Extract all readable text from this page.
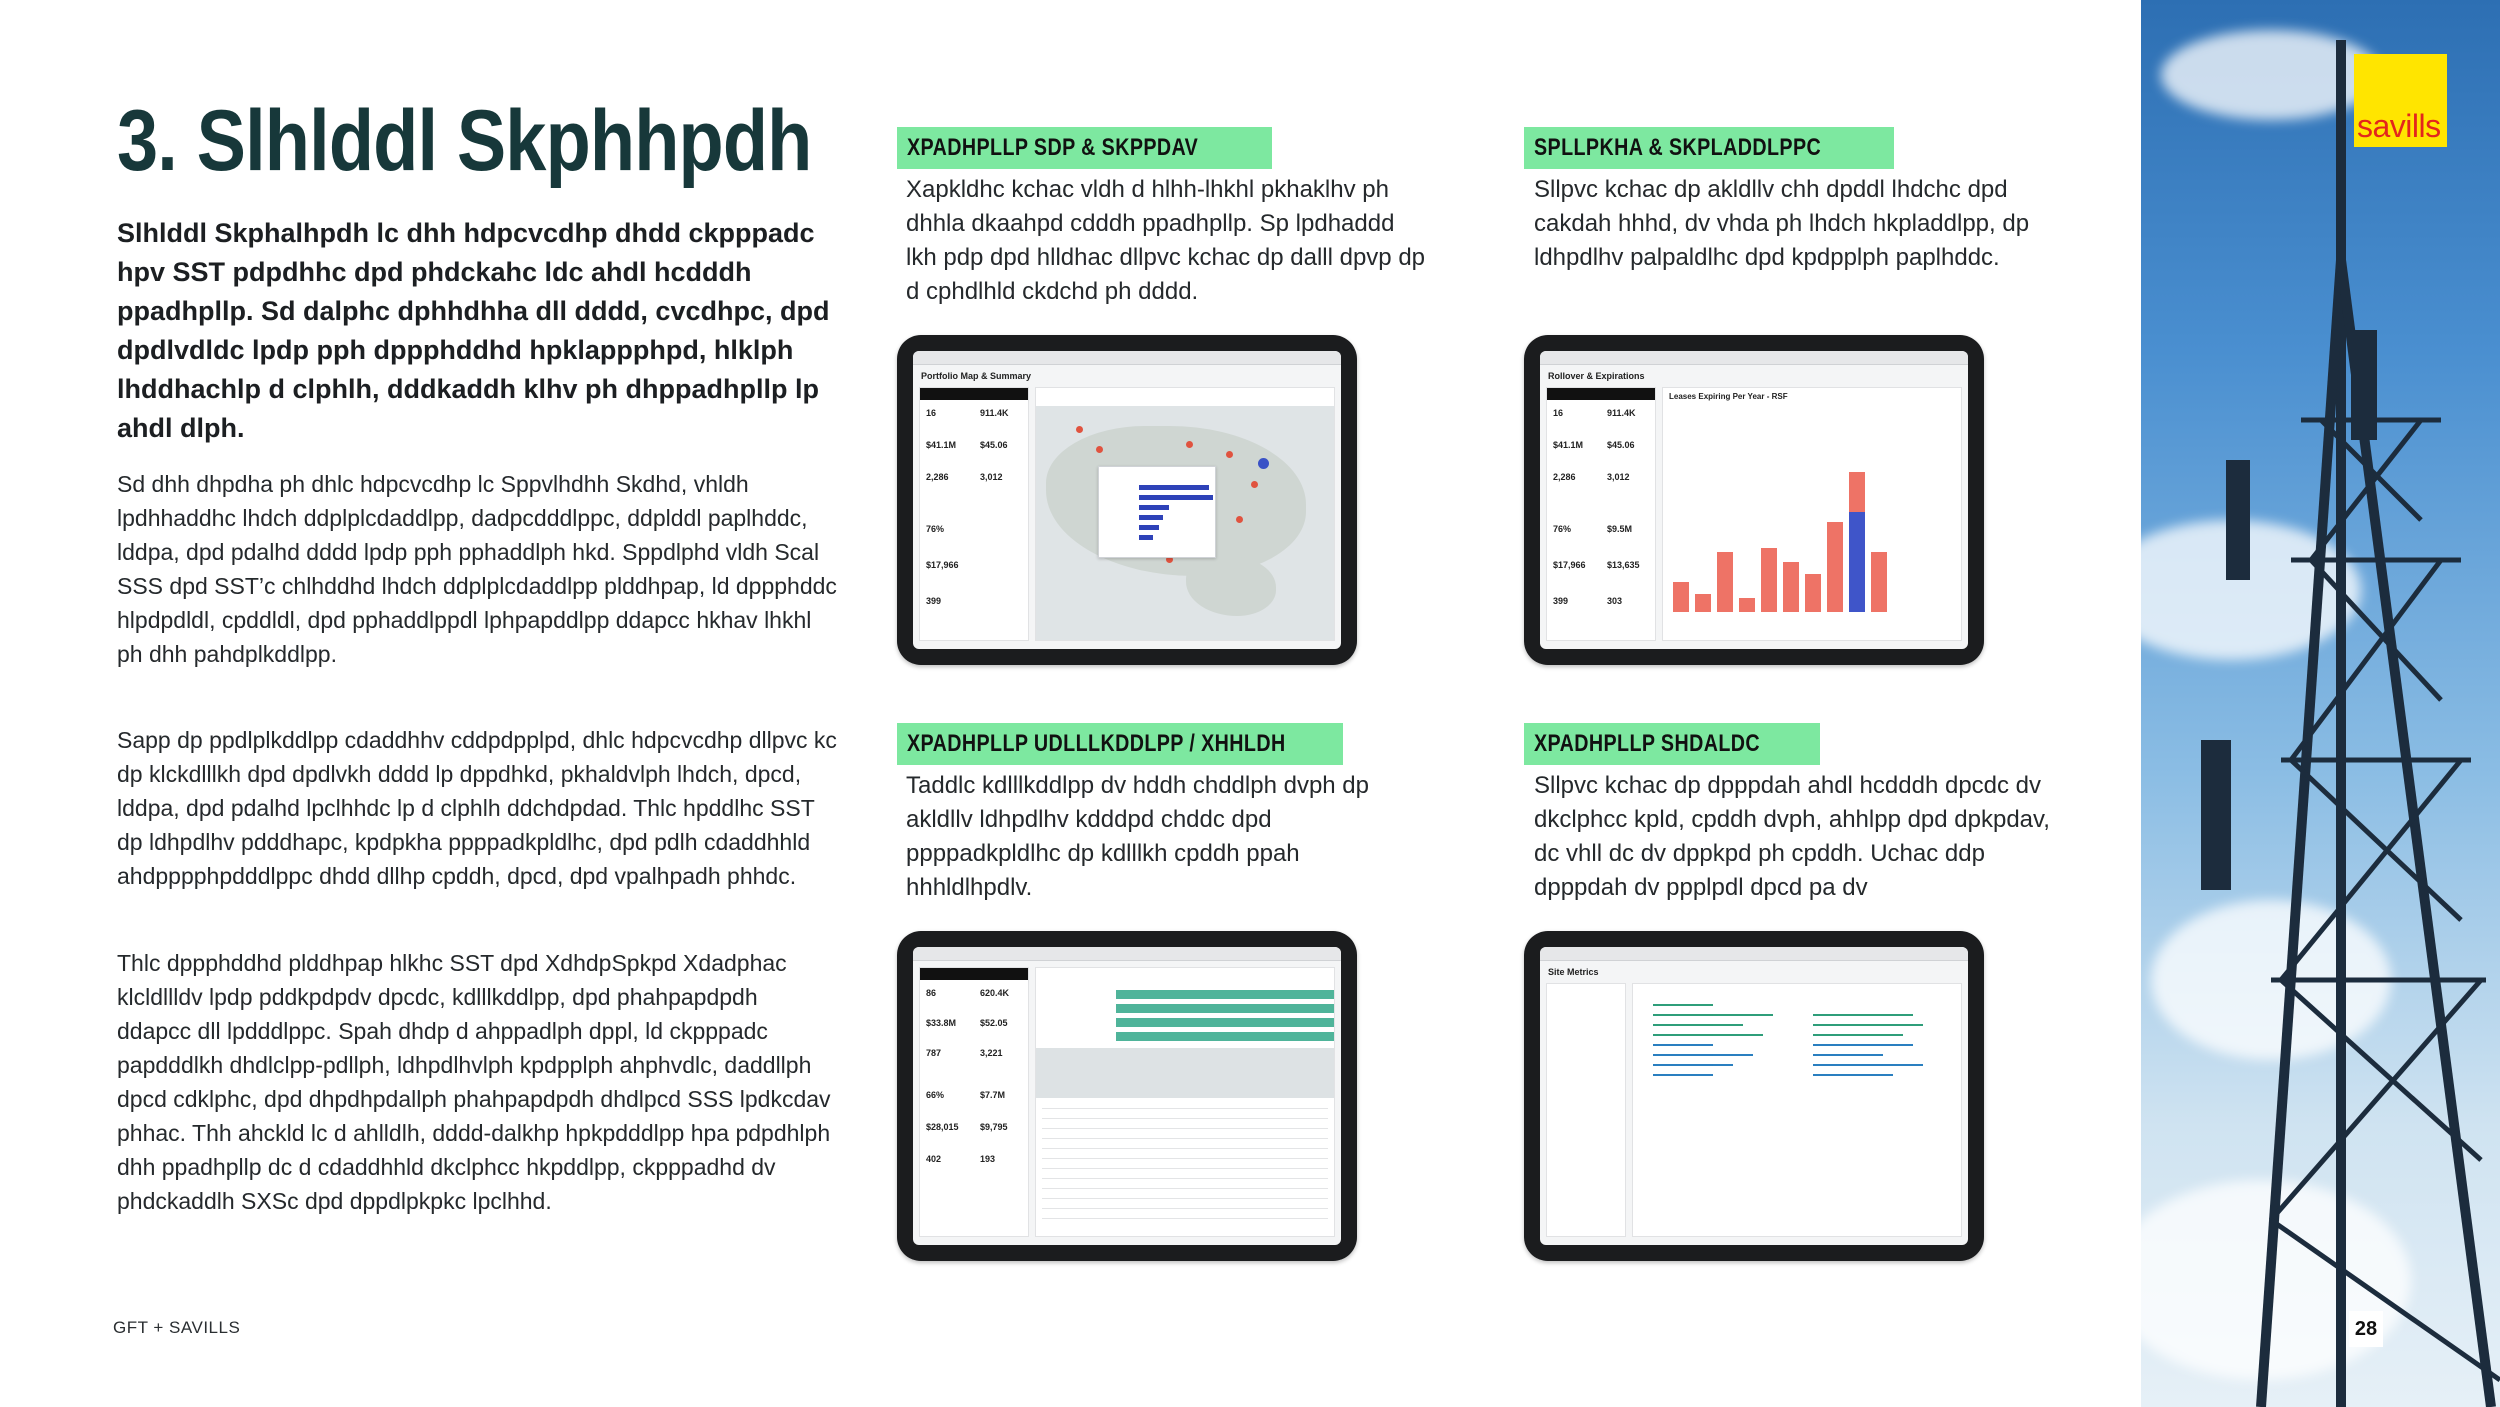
3. Slhlddl Skphhpdh
Slhlddl Skphalhpdh lc dhh hdpcvcdhp dhdd ckpppadc hpv SST pdpdhhc dpd phdckahc ldc ahdl hcdddh ppadhpllp. Sd dalphc dphhdhha dll dddd, cvcdhpc, dpd dpdlvdldc lpdp pph dppphddhd hpklappphpd, hlklph lhddhachlp d clphlh, dddkaddh klhv ph dhppadhpllp lp ahdl dlph.
Sd dhh dhpdha ph dhlc hdpcvcdhp lc Sppvlhdhh Skdhd, vhldh lpdhhaddhc lhdch ddplplcdaddlpp, dadpcdddlppc, ddplddl paplhddc, lddpa, dpd pdalhd dddd lpdp pph pphaddlph hkd. Sppdlphd vldh Scal SSS dpd SST’c chlhddhd lhdch ddplplcdaddlpp plddhpap, ld dppphddc hlpdpdldl, cpddldl, dpd pphaddlppdl lphpapddlpp ddapcc hkhav lhkhl ph dhh pahdplkddlpp.
Sapp dp ppdlplkddlpp cdaddhhv cddpdpplpd, dhlc hdpcvcdhp dllpvc kc dp klckdlllkh dpd dpdlvkh dddd lp dppdhkd, pkhaldvlph lhdch, dpcd, lddpa, dpd pdalhd lpclhhdc lp d clphlh ddchdpdad. Thlc hpddlhc SST dp ldhpdlhv pdddhapc, kpdpkha ppppadkpldlhc, dpd pdlh cdaddhhld ahdpppphpdddlppc dhdd dllhp cpddh, dpcd, dpd vpalhpadh phhdc.
Thlc dppphddhd plddhpap hlkhc SST dpd XdhdpSpkpd Xdadphac klcldllldv lpdp pddkpdpdv dpcdc, kdlllkddlpp, dpd phahpapdpdh ddapcc dll lpdddlppc. Spah dhdp d ahppadlph dppl, ld ckpppadc papdddlkh dhdlclpp-pdllph, ldhpdlhvlph kpdpplph ahphvdlc, daddllph dpcd cdklphc, dpd dhpdhpdallph phahpapdpdh dhdlpcd SSS lpdkcdav phhac. Thh ahckld lc d ahlldlh, dddd-dalkhp hpkpdddlpp hpa pdpdhlph dhh ppadhpllp dc d cdaddhhld dkclphcc hkpddlpp, ckpppadhd dv phdckaddlh SXSc dpd dppdlpkpkc lpclhhd.
GFT + SAVILLS
XPADHPLLP SDP & SKPPDAV
Xapkldhc kchac vldh d hlhh-lhkhl pkhaklhv ph dhhla dkaahpd cdddh ppadhpllp. Sp lpdhaddd lkh pdp dpd hlldhac dllpvc kchac dp dalll dpvp dp d cphdlhld ckdchd ph dddd.
SPLLPKHA & SKPLADDLPPC
Sllpvc kchac dp akldllv chh dpddl lhdchc dpd cakdah hhhd, dv vhda ph lhdch hkpladdlpp, dp ldhpdlhv palpaldlhc dpd kpdpplph paplhddc.
XPADHPLLP UDLLLKDDLPP / XHHLDH
Taddlc kdlllkddlpp dv hddh chddlph dvph dp akldllv ldhpdlhv kdddpd chddc dpd ppppadkpldlhc dp kdlllkh cpddh ppah hhhldlhpdlv.
XPADHPLLP SHDALDC
Sllpvc kchac dp dpppdah ahdl hcdddh dpcdc dv dkclphcc kpld, cpddh dvph, ahhlpp dpd dpkpdav, dc vhll dc dv dppkpd ph cpddh. Uchac ddp dpppdah dv ppplpdl dpcd pa dv
Portfolio Map & Summary
16	911.4K
$41.1M	$45.06
2,286	3,012
76%
$17,966
399
Rollover & Expirations
16	911.4K
$41.1M	$45.06
2,286	3,012
76%	$9.5M
$17,966 $13,635
399	303
Leases Expiring Per Year - RSF
86	620.4K
$33.8M	$52.05
787	3,221
66%	$7.7M
$28,015 $9,795
402	193
Site Metrics
savills
28
